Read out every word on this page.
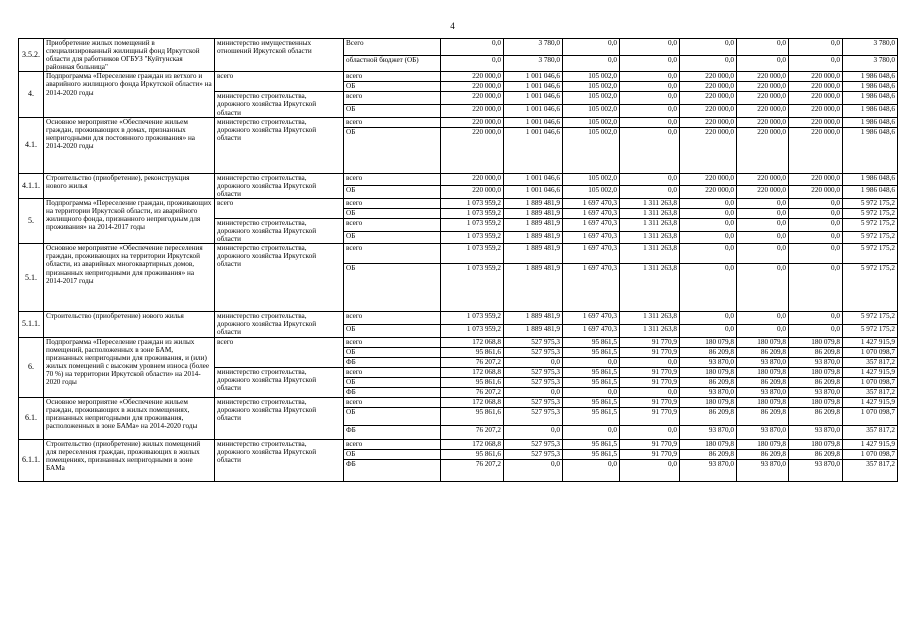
4
3.5.2.	Приобретение жилых помещений в специализированный жилищный фонд Иркутской области для работников ОГБУЗ "Куйтунская районная больница"	министерство имущественных отношений Иркутской области	Всего	0,0	3 780,0	0,0	0,0	0,0	0,0	0,0	3 780,0
			областной бюджет (ОБ)	0,0	3 780,0	0,0	0,0	0,0	0,0	0,0	3 780,0
4.	Подпрограмма «Переселение граждан из ветхого и аварийного жилищного фонда Иркутской области» на 2014-2020 годы	всего	всего	220 000,0	1 001 046,6	105 002,0	0,0	220 000,0	220 000,0	220 000,0	1 986 048,6
			ОБ	220 000,0	1 001 046,6	105 002,0	0,0	220 000,0	220 000,0	220 000,0	1 986 048,6
		министерство строительства, дорожного хозяйства Иркутской области	всего	220 000,0	1 001 046,6	105 002,0	0,0	220 000,0	220 000,0	220 000,0	1 986 048,6
			ОБ	220 000,0	1 001 046,6	105 002,0	0,0	220 000,0	220 000,0	220 000,0	1 986 048,6
4.1.	Основное мероприятие «Обеспечение жильем граждан, проживающих в домах, признанных непригодными для постоянного проживания» на 2014-2020 годы	министерство строительства, дорожного хозяйства Иркутской области	всего	220 000,0	1 001 046,6	105 002,0	0,0	220 000,0	220 000,0	220 000,0	1 986 048,6
			ОБ	220 000,0	1 001 046,6	105 002,0	0,0	220 000,0	220 000,0	220 000,0	1 986 048,6
4.1.1.	Строительство (приобретение), реконструкция нового жилья	министерство строительства, дорожного хозяйства Иркутской области	всего	220 000,0	1 001 046,6	105 002,0	0,0	220 000,0	220 000,0	220 000,0	1 986 048,6
			ОБ	220 000,0	1 001 046,6	105 002,0	0,0	220 000,0	220 000,0	220 000,0	1 986 048,6
5.	Подпрограмма «Переселение граждан, проживающих на территории Иркутской области, из аварийного жилищного фонда, признанного непригодным для проживания» на 2014-2017 годы	всего	всего	1 073 959,2	1 889 481,9	1 697 470,3	1 311 263,8	0,0	0,0	0,0	5 972 175,2
			ОБ	1 073 959,2	1 889 481,9	1 697 470,3	1 311 263,8	0,0	0,0	0,0	5 972 175,2
		министерство строительства, дорожного хозяйства Иркутской области	всего	1 073 959,2	1 889 481,9	1 697 470,3	1 311 263,8	0,0	0,0	0,0	5 972 175,2
			ОБ	1 073 959,2	1 889 481,9	1 697 470,3	1 311 263,8	0,0	0,0	0,0	5 972 175,2
5.1.	Основное мероприятие «Обеспечение переселения граждан, проживающих на территории Иркутской области, из аварийных многоквартирных домов, признанных непригодными для проживания» на 2014-2017 годы	министерство строительства, дорожного хозяйства Иркутской области	всего	1 073 959,2	1 889 481,9	1 697 470,3	1 311 263,8	0,0	0,0	0,0	5 972 175,2
			ОБ	1 073 959,2	1 889 481,9	1 697 470,3	1 311 263,8	0,0	0,0	0,0	5 972 175,2
5.1.1.	Строительство (приобретение) нового жилья	министерство строительства, дорожного хозяйства Иркутской области	всего	1 073 959,2	1 889 481,9	1 697 470,3	1 311 263,8	0,0	0,0	0,0	5 972 175,2
			ОБ	1 073 959,2	1 889 481,9	1 697 470,3	1 311 263,8	0,0	0,0	0,0	5 972 175,2
6.	Подпрограмма «Переселение граждан из жилых помещений, расположенных в зоне БАМ, признанных непригодными для проживания, и (или) жилых помещений с высоким уровнем износа (более 70 %) на территории Иркутской области» на 2014-2020 годы	всего	всего	172 068,8	527 975,3	95 861,5	91 770,9	180 079,8	180 079,8	180 079,8	1 427 915,9
			ОБ	95 861,6	527 975,3	95 861,5	91 770,9	86 209,8	86 209,8	86 209,8	1 070 098,7
			ФБ	76 207,2	0,0	0,0	0,0	93 870,0	93 870,0	93 870,0	357 817,2
		министерство строительства, дорожного хозяйства Иркутской области	всего	172 068,8	527 975,3	95 861,5	91 770,9	180 079,8	180 079,8	180 079,8	1 427 915,9
			ОБ	95 861,6	527 975,3	95 861,5	91 770,9	86 209,8	86 209,8	86 209,8	1 070 098,7
			ФБ	76 207,2	0,0	0,0	0,0	93 870,0	93 870,0	93 870,0	357 817,2
6.1.	Основное мероприятие «Обеспечение жильем граждан, проживающих в жилых помещениях, признанных непригодными для проживания, расположенных в зоне БАМа» на 2014-2020 годы	министерство строительства, дорожного хозяйства Иркутской области	всего	172 068,8	527 975,3	95 861,5	91 770,9	180 079,8	180 079,8	180 079,8	1 427 915,9
			ОБ	95 861,6	527 975,3	95 861,5	91 770,9	86 209,8	86 209,8	86 209,8	1 070 098,7
			ФБ	76 207,2	0,0	0,0	0,0	93 870,0	93 870,0	93 870,0	357 817,2
6.1.1.	Строительство (приобретение) жилых помещений для переселения граждан, проживающих в жилых помещениях, признанных непригодными в зоне БАМа	министерство строительства, дорожного хозяйства Иркутской области	всего	172 068,8	527 975,3	95 861,5	91 770,9	180 079,8	180 079,8	180 079,8	1 427 915,9
			ОБ	95 861,6	527 975,3	95 861,5	91 770,9	86 209,8	86 209,8	86 209,8	1 070 098,7
			ФБ	76 207,2	0,0	0,0	0,0	93 870,0	93 870,0	93 870,0	357 817,2
